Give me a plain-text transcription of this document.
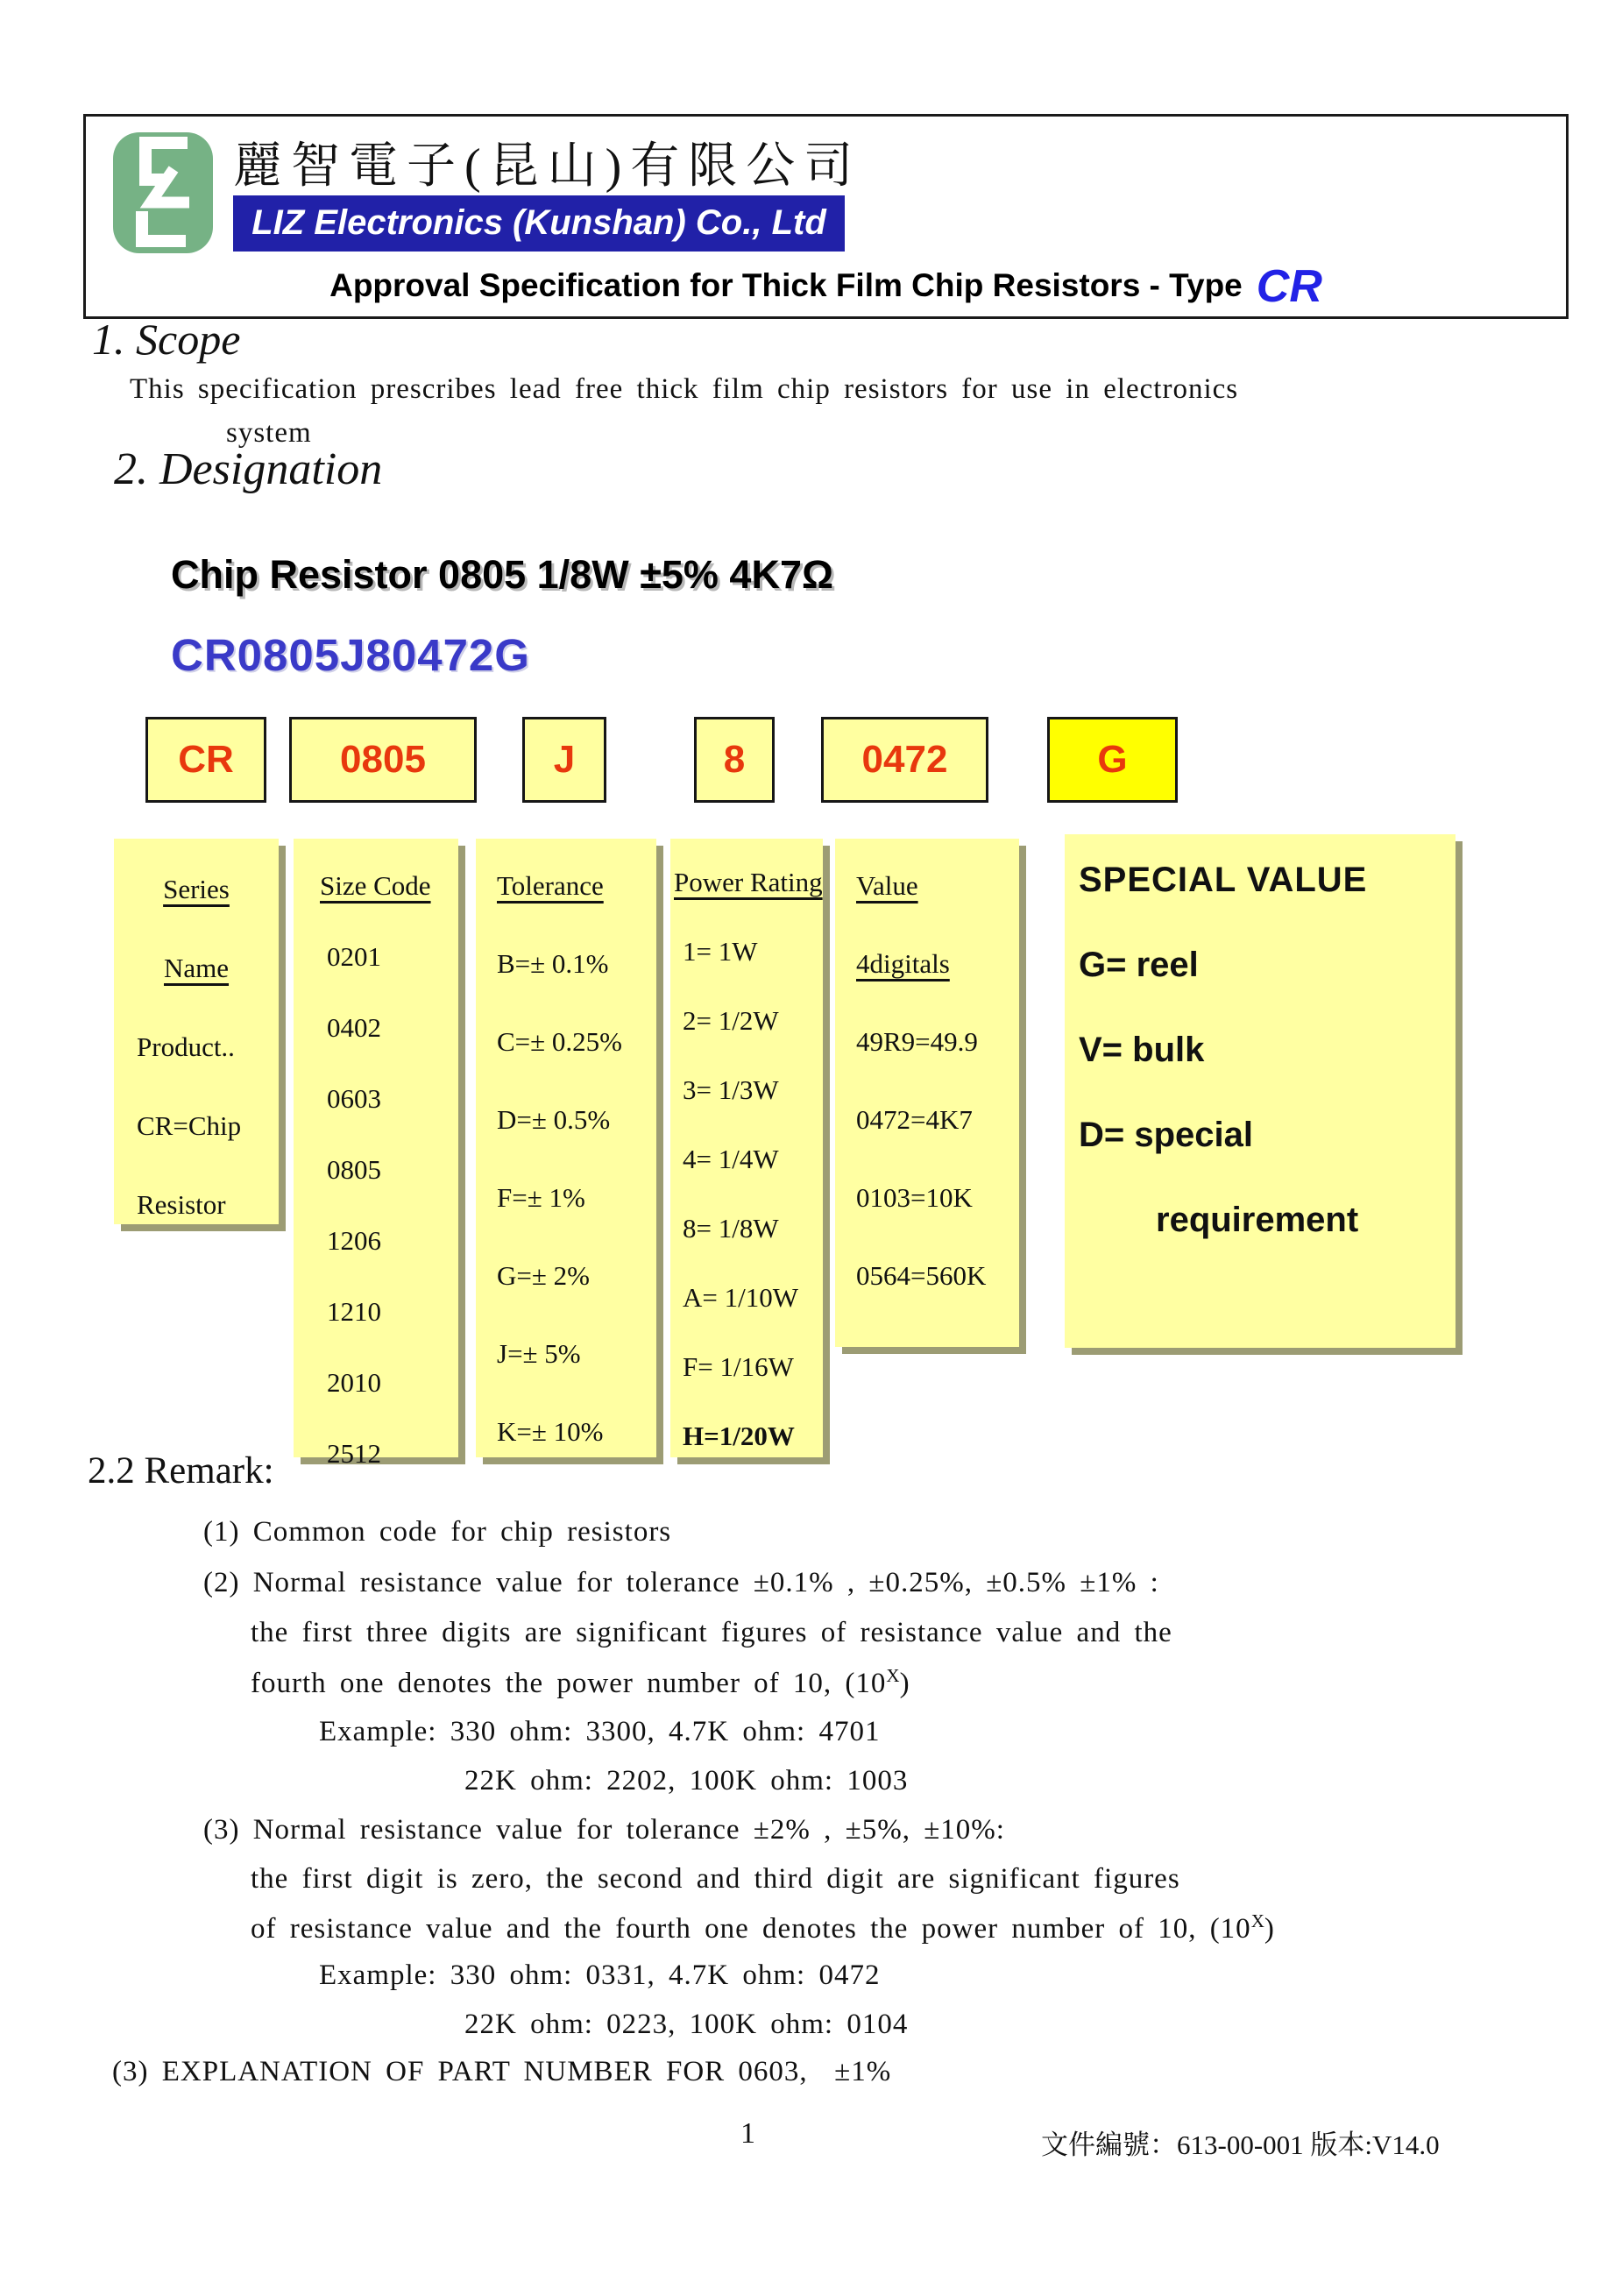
麗智電子(昆山)有限公司
LIZ Electronics (Kunshan) Co., Ltd
Approval Specification for Thick Film Chip Resistors - Type CR
1. Scope
This specification prescribes lead free thick film chip resistors for use in electronics
system
2. Designation
Chip Resistor 0805 1/8W ±5% 4K7Ω
CR0805J80472G
CR	0805	J	8	0472	G
Series
Name
Product..
CR=Chip
Resistor
Size Code
0201
0402
0603
0805
1206
1210
2010
2512
Tolerance
B=± 0.1%
C=± 0.25%
D=± 0.5%
F=± 1%
G=± 2%
J=± 5%
K=± 10%
Power Rating
1= 1W
2= 1/2W
3= 1/3W
4= 1/4W
8= 1/8W
A= 1/10W
F= 1/16W
H=1/20W
Value
4digitals
49R9=49.9
0472=4K7
0103=10K
0564=560K
SPECIAL VALUE
G= reel
V= bulk
D= special
requirement
2.2 Remark:
(1) Common code for chip resistors
(2) Normal resistance value for tolerance ±0.1% , ±0.25%, ±0.5% ±1% :
the first three digits are significant figures of resistance value and the
fourth one denotes the power number of 10, $(10^X)$
Example: 330 ohm: 3300, 4.7K ohm: 4701
22K ohm: 2202, 100K ohm: 1003
(3) Normal resistance value for tolerance ±2% , ±5%, ±10%:
the first digit is zero, the second and third digit are significant figures
of resistance value and the fourth one denotes the power number of 10, $(10^X)$
Example: 330 ohm: 0331, 4.7K ohm: 0472
22K ohm: 0223, 100K ohm: 0104
(3) EXPLANATION OF PART NUMBER FOR 0603,  ±1%
1	文件編號：613-00-001 版本:V14.0
